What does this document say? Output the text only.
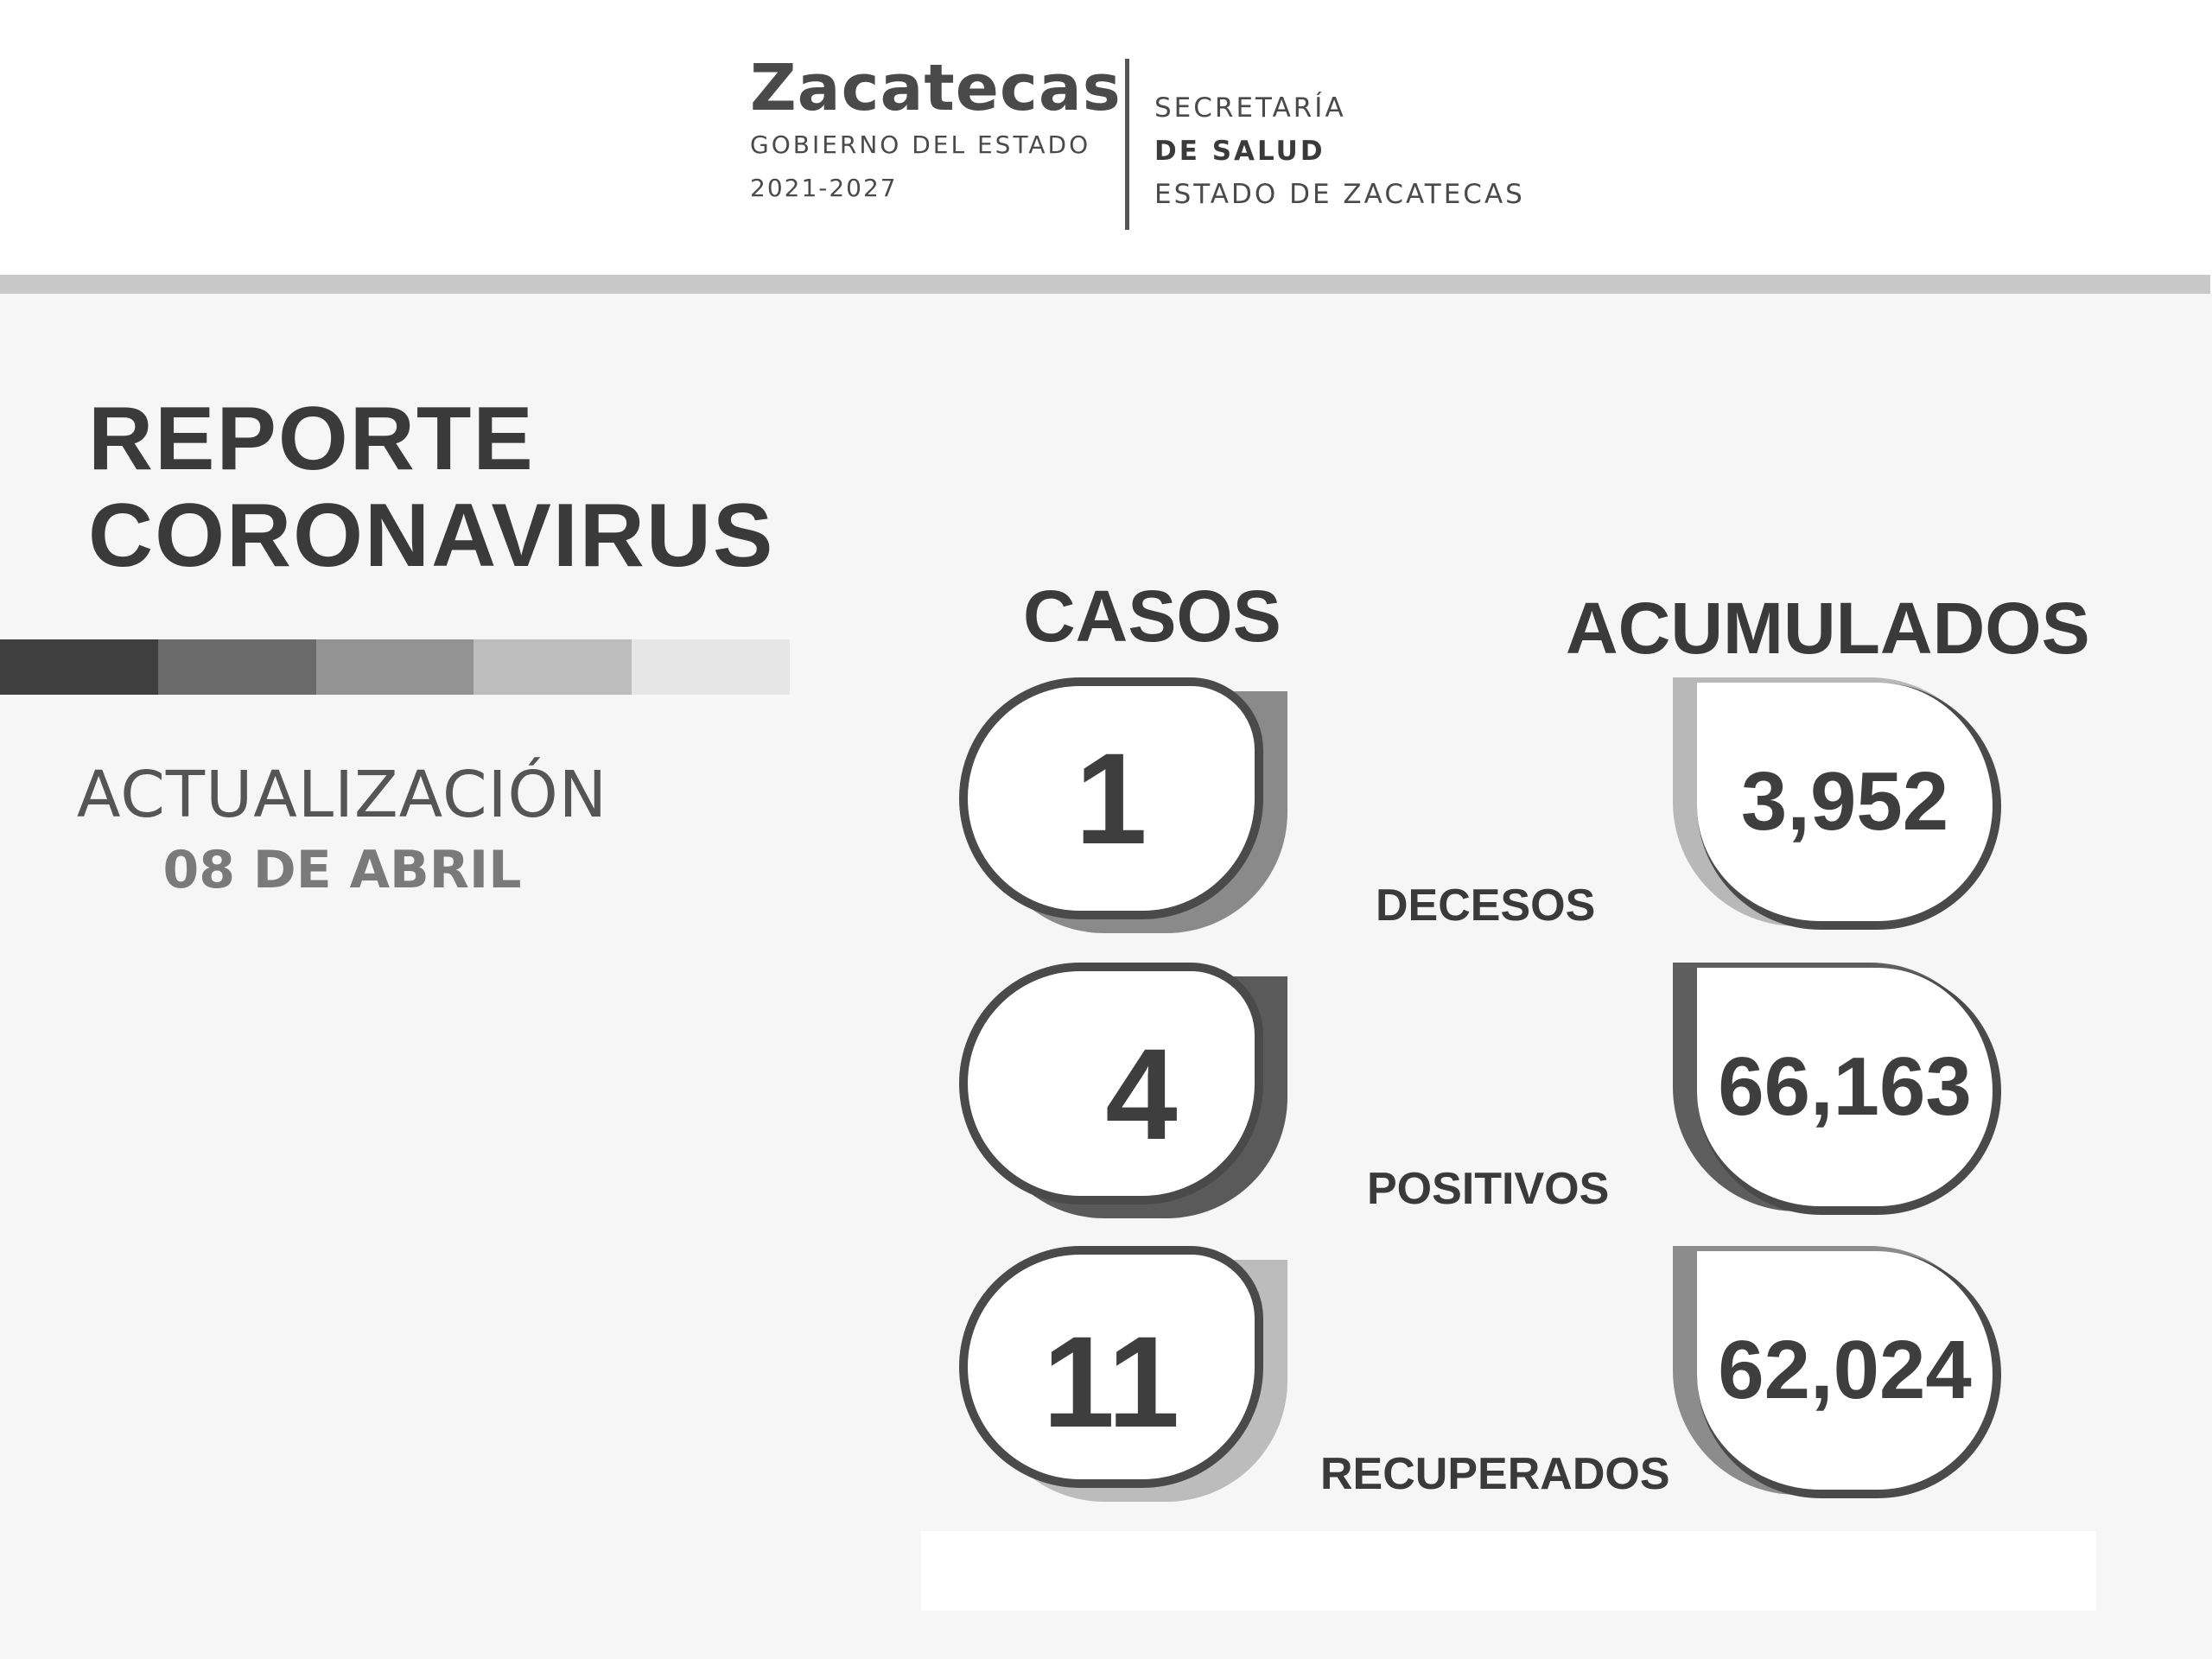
Zacatecas
GOBIERNO DEL ESTADO
2021-2027
SECRETARÍA
DE SALUD
ESTADO DE ZACATECAS
REPORTE
CORONAVIRUS
ACTUALIZACIÓN
08 DE ABRIL
CASOS	ACUMULADOS
1
DECESOS
3,952
4
POSITIVOS
66,163
11
RECUPERADOS
62,024
